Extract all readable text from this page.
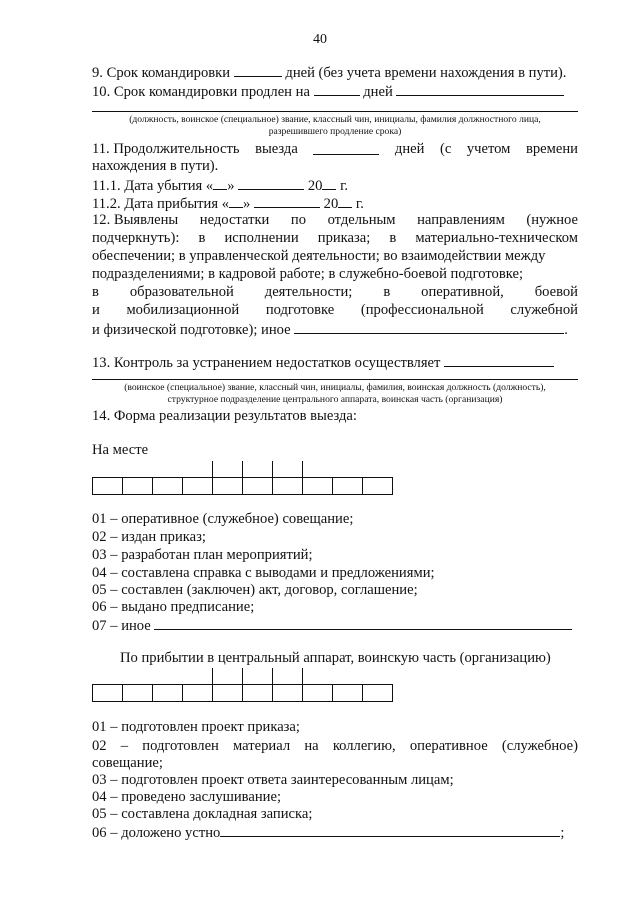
40
9. Срок командировки	дней (без учета времени нахождения в пути).
10. Срок командировки продлен на	дней
(должность, воинское (специальное) звание, классный чин, инициалы, фамилия должностного лица,
разрешившего продление срока)
11. Продолжительность выезда	дней (с учетом времени
нахождения в пути).
11.1. Дата убытия « »	20 г.
11.2. Дата прибытия « »	20 г.
12. Выявлены недостатки по отдельным направлениям (нужное
подчеркнуть): в исполнении приказа; в материально-техническом
обеспечении; в управленческой деятельности; во взаимодействии между
подразделениями; в кадровой работе; в служебно-боевой подготовке;
в образовательной деятельности; в оперативной, боевой
и мобилизационной подготовке (профессиональной служебной
и физической подготовке); иное	.
13. Контроль за устранением недостатков осуществляет
(воинское (специальное) звание, классный чин, инициалы, фамилия, воинская должность (должность),
структурное подразделение центрального аппарата, воинская часть (организация)
14. Форма реализации результатов выезда:
На месте

01 – оперативное (служебное) совещание;
02 – издан приказ;
03 – разработан план мероприятий;
04 – составлена справка с выводами и предложениями;
05 – составлен (заключен) акт, договор, соглашение;
06 – выдано предписание;
07 – иное
По прибытии в центральный аппарат, воинскую часть (организацию)

01 – подготовлен проект приказа;
02 – подготовлен материал на коллегию, оперативное (служебное)
совещание;
03 – подготовлен проект ответа заинтересованным лицам;
04 – проведено заслушивание;
05 – составлена докладная записка;
06 – доложено устно	;
